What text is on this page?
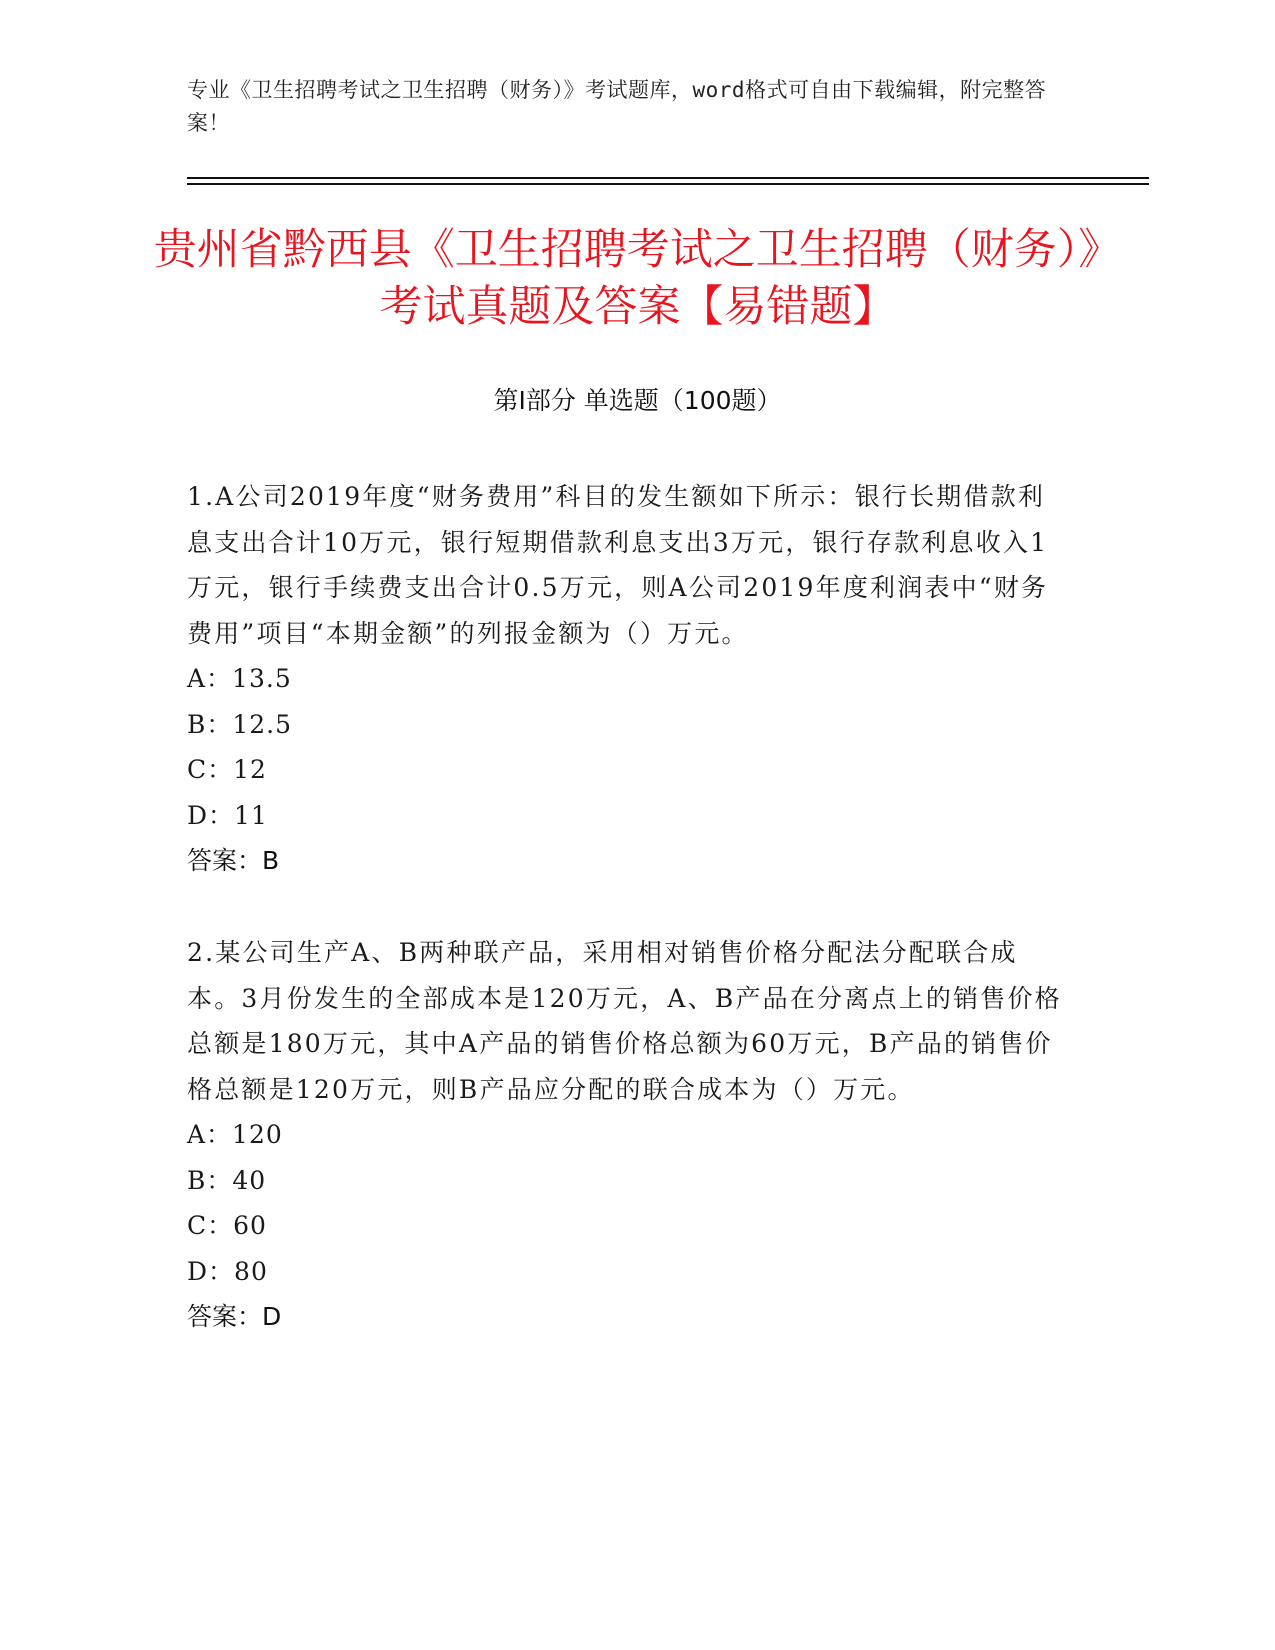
专业《卫生招聘考试之卫生招聘（财务）》考试题库，word格式可自由下载编辑，附完整答案！
贵州省黔西县《卫生招聘考试之卫生招聘（财务）》考试真题及答案【易错题】
第I部分 单选题（100题）

1.A公司2019年度“财务费用”科目的发生额如下所示：银行长期借款利息支出合计10万元，银行短期借款利息支出3万元，银行存款利息收入1万元，银行手续费支出合计0.5万元，则A公司2019年度利润表中“财务费用”项目“本期金额”的列报金额为（）万元。

A：13.5
B：12.5
C：12
D：11
答案：B

2.某公司生产A、B两种联产品，采用相对销售价格分配法分配联合成本。3月份发生的全部成本是120万元，A、B产品在分离点上的销售价格总额是180万元，其中A产品的销售价格总额为60万元，B产品的销售价格总额是120万元，则B产品应分配的联合成本为（）万元。

A：120
B：40
C：60
D：80
答案：D
